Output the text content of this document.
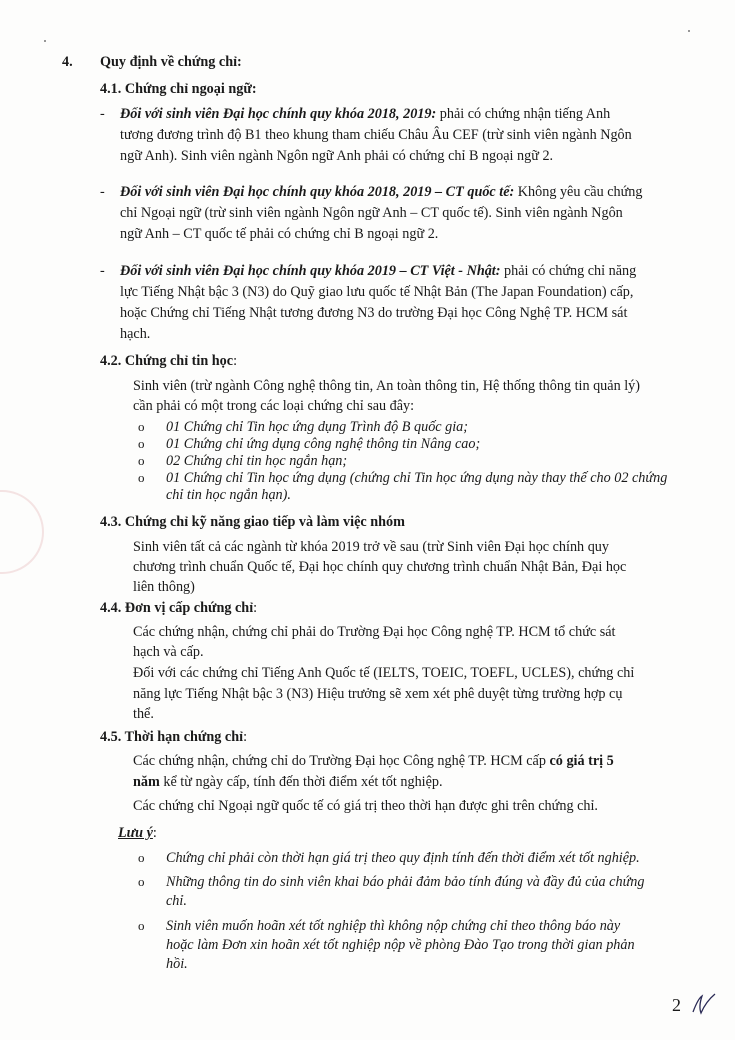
4. Quy định về chứng chỉ:
4.1. Chứng chỉ ngoại ngữ:
- Đối với sinh viên Đại học chính quy khóa 2018, 2019: phải có chứng nhận tiếng Anh
tương đương trình độ B1 theo khung tham chiếu Châu Âu CEF (trừ sinh viên ngành Ngôn
ngữ Anh). Sinh viên ngành Ngôn ngữ Anh phải có chứng chỉ B ngoại ngữ 2.
- Đối với sinh viên Đại học chính quy khóa 2018, 2019 – CT quốc tế: Không yêu cầu chứng
chỉ Ngoại ngữ (trừ sinh viên ngành Ngôn ngữ Anh – CT quốc tế). Sinh viên ngành Ngôn
ngữ Anh – CT quốc tế phải có chứng chỉ B ngoại ngữ 2.
- Đối với sinh viên Đại học chính quy khóa 2019 – CT Việt - Nhật: phải có chứng chỉ năng
lực Tiếng Nhật bậc 3 (N3) do Quỹ giao lưu quốc tế Nhật Bản (The Japan Foundation) cấp,
hoặc Chứng chỉ Tiếng Nhật tương đương N3 do trường Đại học Công Nghệ TP. HCM sát
hạch.
4.2. Chứng chỉ tin học:
Sinh viên (trừ ngành Công nghệ thông tin, An toàn thông tin, Hệ thống thông tin quản lý)
cần phải có một trong các loại chứng chỉ sau đây:
o 01 Chứng chỉ Tin học ứng dụng Trình độ B quốc gia;
o 01 Chứng chỉ ứng dụng công nghệ thông tin Nâng cao;
o 02 Chứng chỉ tin học ngắn hạn;
o 01 Chứng chỉ Tin học ứng dụng (chứng chỉ Tin học ứng dụng này thay thế cho 02 chứng
chỉ tin học ngắn hạn).
4.3. Chứng chỉ kỹ năng giao tiếp và làm việc nhóm
Sinh viên tất cả các ngành từ khóa 2019 trở về sau (trừ Sinh viên Đại học chính quy
chương trình chuẩn Quốc tế, Đại học chính quy chương trình chuẩn Nhật Bản, Đại học
liên thông)
4.4. Đơn vị cấp chứng chỉ:
Các chứng nhận, chứng chỉ phải do Trường Đại học Công nghệ TP. HCM tổ chức sát
hạch và cấp.
Đối với các chứng chỉ Tiếng Anh Quốc tế (IELTS, TOEIC, TOEFL, UCLES), chứng chỉ
năng lực Tiếng Nhật bậc 3 (N3) Hiệu trưởng sẽ xem xét phê duyệt từng trường hợp cụ
thể.
4.5. Thời hạn chứng chỉ:
Các chứng nhận, chứng chỉ do Trường Đại học Công nghệ TP. HCM cấp có giá trị 5
năm kể từ ngày cấp, tính đến thời điểm xét tốt nghiệp.
Các chứng chỉ Ngoại ngữ quốc tế có giá trị theo thời hạn được ghi trên chứng chỉ.
Lưu ý:
o Chứng chỉ phải còn thời hạn giá trị theo quy định tính đến thời điểm xét tốt nghiệp.
o Những thông tin do sinh viên khai báo phải đảm bảo tính đúng và đầy đủ của chứng
chỉ.
o Sinh viên muốn hoãn xét tốt nghiệp thì không nộp chứng chỉ theo thông báo này
hoặc làm Đơn xin hoãn xét tốt nghiệp nộp về phòng Đào Tạo trong thời gian phản
hồi.
2
